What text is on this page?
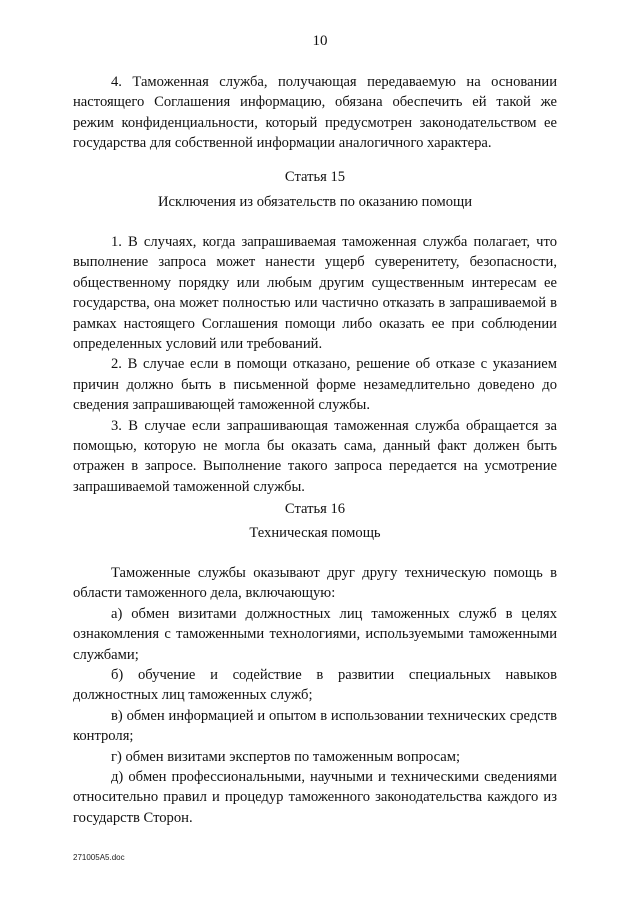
10

4. Таможенная служба, получающая передаваемую на основании настоящего Соглашения информацию, обязана обеспечить ей такой же режим конфиденциальности, который предусмотрен законодательством ее государства для собственной информации аналогичного характера.

Статья 15

Исключения из обязательств по оказанию помощи

1. В случаях, когда запрашиваемая таможенная служба полагает, что выполнение запроса может нанести ущерб суверенитету, безопасности, общественному порядку или любым другим существенным интересам ее государства, она может полностью или частично отказать в запрашиваемой в рамках настоящего Соглашения помощи либо оказать ее при соблюдении определенных условий или требований.

2. В случае если в помощи отказано, решение об отказе с указанием причин должно быть в письменной форме незамедлительно доведено до сведения запрашивающей таможенной службы.

3. В случае если запрашивающая таможенная служба обращается за помощью, которую не могла бы оказать сама, данный факт должен быть отражен в запросе. Выполнение такого запроса передается на усмотрение запрашиваемой таможенной службы.

Статья 16

Техническая помощь

Таможенные службы оказывают друг другу техническую помощь в области таможенного дела, включающую:

а) обмен визитами должностных лиц таможенных служб в целях ознакомления с таможенными технологиями, используемыми таможенными службами;

б) обучение и содействие в развитии специальных навыков должностных лиц таможенных служб;

в) обмен информацией и опытом в использовании технических средств контроля;

г) обмен визитами экспертов по таможенным вопросам;

д) обмен профессиональными, научными и техническими сведениями относительно правил и процедур таможенного законодательства каждого из государств Сторон.

271005A5.doc
